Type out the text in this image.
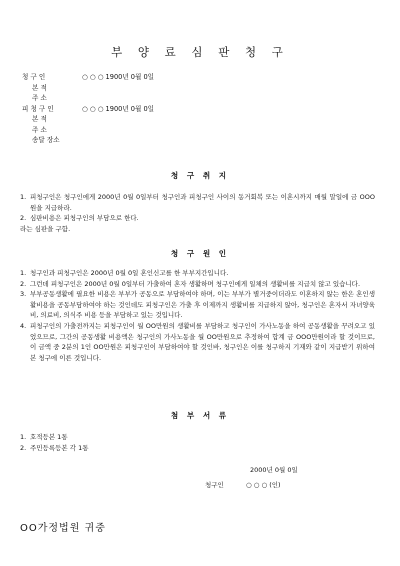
부 양 료 심 판 청 구
청 구 인	○ ○ ○ 1900년 0월 0일
본 적
주 소
피 청 구 인	○ ○ ○ 1900년 0월 0일
본 적
주 소
송달 장소
청 구 취 지
1. 피청구인은 청구인에게 2000년 0월 0일부터 청구인과 피청구인 사이의 동거회복 또는 이혼시까지 매월 말일에 금 OOO원을 지급하라.
2. 심판비용은 피청구인의 부담으로 한다.
라는 심판을 구함.
청 구 원 인
1. 청구인과 피청구인은 2000년 0월 0일 혼인신고를 한 부부지간입니다.
2. 그런데 피청구인은 2000년 0월 0일부터 가출하여 혼자 생활하며 청구인에게 일체의 생활비를 지급치 않고 있습니다.
3. 부부공동생활에 필요한 비용은 부부가 공동으로 부담하여야 하며, 이는 부부가 별거중이더라도 이혼하지 않는 한은 혼인생활비용을 공동부담하여야 하는 것인데도 피청구인은 가출 후 이제까지 생활비를 지급하지 않아, 청구인은 혼자서 자녀양육비, 의료비, 의식주 비용 등을 부담하고 있는 것입니다.
4. 피청구인의 가출전까지는 피청구인이 월 OO만원의 생활비를 부담하고 청구인이 가사노동을 하여 공동생활을 꾸려오고 있었으므로, 그간의 공동생활 비용액은 청구인의 가사노동을 월 OO만원으로 추정하여 합계 금 OOO만원이라 할 것이므로, 이 금액 중 2분의 1인 OO만원은 피청구인이 부담하여야 할 것인바, 청구인은 이를 청구하지 기재와 같이 지급받기 위하여 본 청구에 이른 것입니다.
첨 부 서 류
1. 호적등본 1통
2. 주민등록등본 각 1통
2000년 0월 0일
청구인	○ ○ ○ (인)
OO가정법원 귀중
